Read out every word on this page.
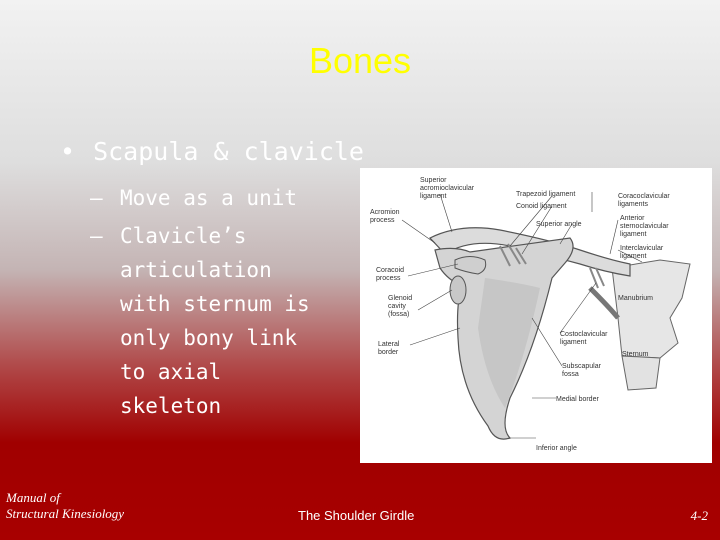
Bones
• Scapula & clavicle
– Move as a unit
– Clavicle’s
articulation with sternum is only bony link to axial skeleton
Superior acromioclavicular ligament	Trapezoid ligament
Conoid ligament
Coracoclavicular ligaments
Acromion process
Superior angle
Anterior sternoclavicular ligament
Interclavicular ligament
Coracoid process
Glenoid cavity (fossa)
Manubrium
Lateral border
Costoclavicular ligament
Sternum
Subscapular fossa
Medial border
Inferior angle
Manual of
Structural Kinesiology	The Shoulder Girdle	4-2
